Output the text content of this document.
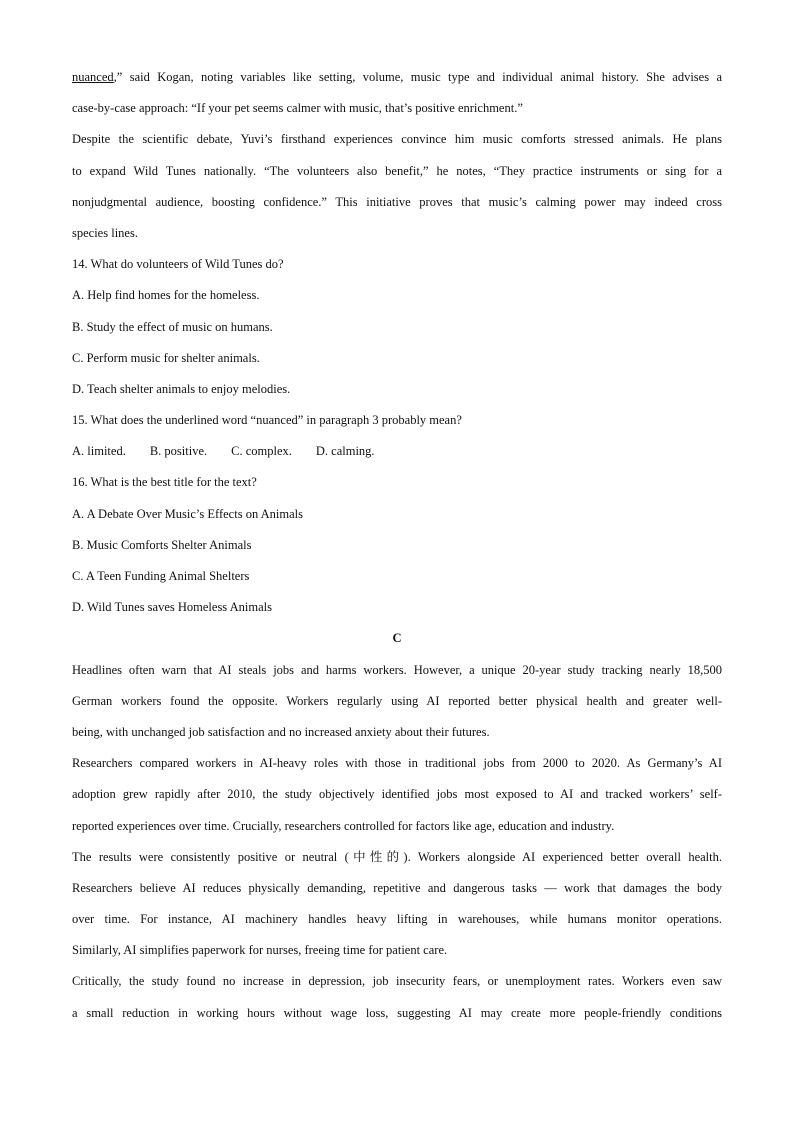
nuanced,” said Kogan, noting variables like setting, volume, music type and individual animal history. She advises a
case-by-case approach: “If your pet seems calmer with music, that’s positive enrichment.”
Despite the scientific debate, Yuvi’s firsthand experiences convince him music comforts stressed animals. He plans
to expand Wild Tunes nationally. “The volunteers also benefit,” he notes, “They practice instruments or sing for a
nonjudgmental audience, boosting confidence.” This initiative proves that music’s calming power may indeed cross
species lines.
14. What do volunteers of Wild Tunes do?
A. Help find homes for the homeless.
B. Study the effect of music on humans.
C. Perform music for shelter animals.
D. Teach shelter animals to enjoy melodies.
15. What does the underlined word “nuanced” in paragraph 3 probably mean?
A. limited. B. positive. C. complex. D. calming.
16. What is the best title for the text?
A. A Debate Over Music’s Effects on Animals
B. Music Comforts Shelter Animals
C. A Teen Funding Animal Shelters
D. Wild Tunes saves Homeless Animals
C
Headlines often warn that AI steals jobs and harms workers. However, a unique 20-year study tracking nearly 18,500
German workers found the opposite. Workers regularly using AI reported better physical health and greater well-
being, with unchanged job satisfaction and no increased anxiety about their futures.
Researchers compared workers in AI-heavy roles with those in traditional jobs from 2000 to 2020. As Germany’s AI
adoption grew rapidly after 2010, the study objectively identified jobs most exposed to AI and tracked workers’ self-
reported experiences over time. Crucially, researchers controlled for factors like age, education and industry.
The results were consistently positive or neutral (中性的). Workers alongside AI experienced better overall health.
Researchers believe AI reduces physically demanding, repetitive and dangerous tasks — work that damages the body
over time. For instance, AI machinery handles heavy lifting in warehouses, while humans monitor operations.
Similarly, AI simplifies paperwork for nurses, freeing time for patient care.
Critically, the study found no increase in depression, job insecurity fears, or unemployment rates. Workers even saw
a small reduction in working hours without wage loss, suggesting AI may create more people-friendly conditions
